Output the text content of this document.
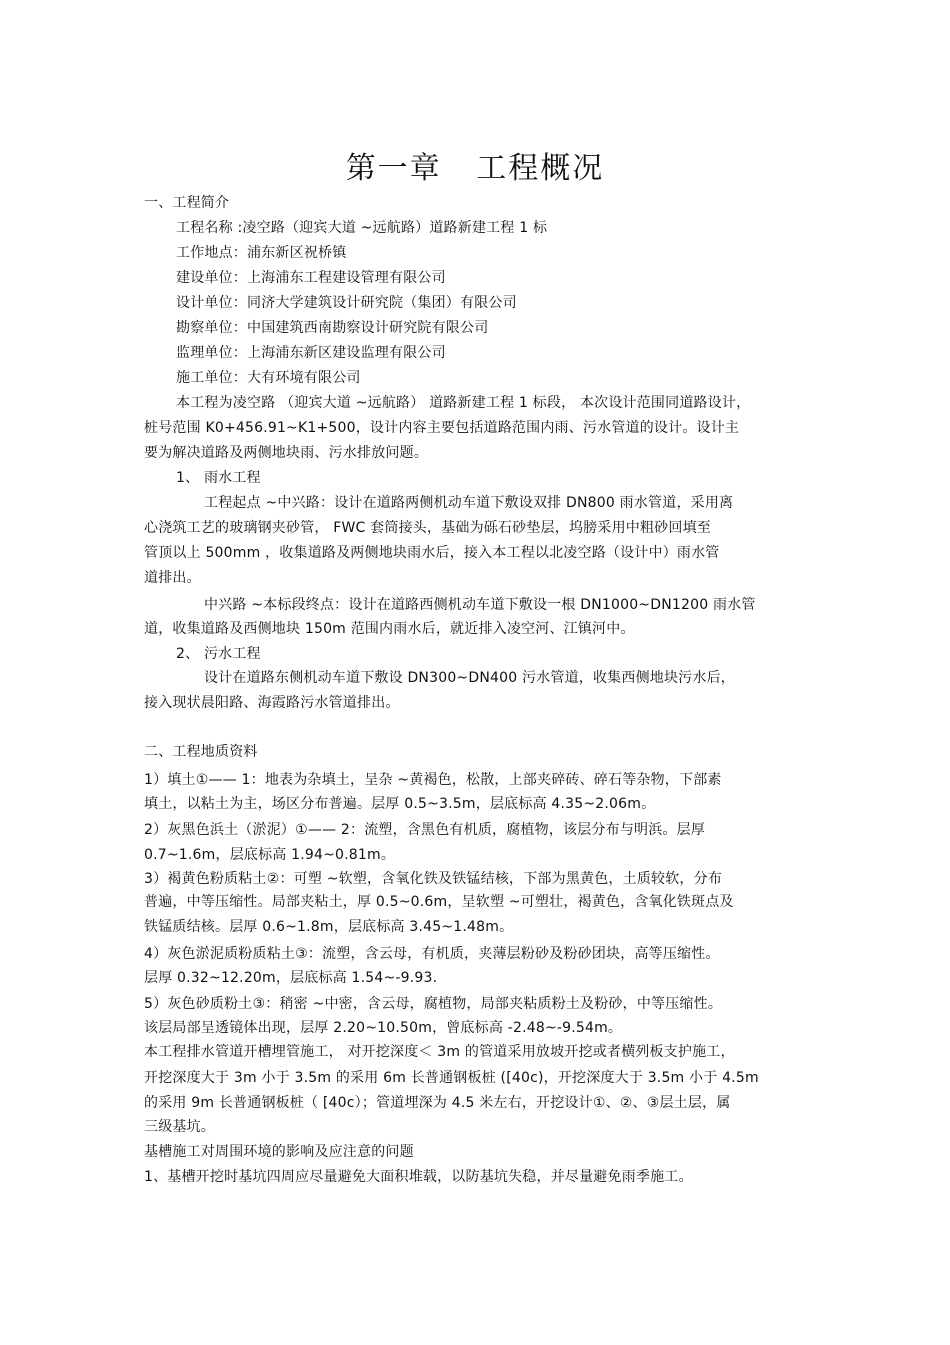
第一章   工程概况
一、工程简介
工程名称 :凌空路（迎宾大道 ~远航路）道路新建工程 1 标
工作地点：浦东新区祝桥镇
建设单位：上海浦东工程建设管理有限公司
设计单位：同济大学建筑设计研究院（集团）有限公司
勘察单位：中国建筑西南勘察设计研究院有限公司
监理单位：上海浦东新区建设监理有限公司
施工单位：大有环境有限公司
本工程为凌空路 （迎宾大道 ~远航路） 道路新建工程 1 标段， 本次设计范围同道路设计，
桩号范围 K0+456.91~K1+500，设计内容主要包括道路范围内雨、污水管道的设计。设计主
要为解决道路及两侧地块雨、污水排放问题。
1、 雨水工程
工程起点 ~中兴路：设计在道路两侧机动车道下敷设双排 DN800 雨水管道，采用离
心浇筑工艺的玻璃钢夹砂管， FWC 套筒接头，基础为砾石砂垫层，坞膀采用中粗砂回填至
管顶以上 500mm ，收集道路及两侧地块雨水后，接入本工程以北凌空路（设计中）雨水管
道排出。
中兴路 ~本标段终点：设计在道路西侧机动车道下敷设一根 DN1000~DN1200 雨水管
道，收集道路及西侧地块 150m 范围内雨水后，就近排入凌空河、江镇河中。
2、 污水工程
设计在道路东侧机动车道下敷设 DN300~DN400 污水管道，收集西侧地块污水后，
接入现状晨阳路、海霞路污水管道排出。
二、工程地质资料
1）填土①—— 1：地表为杂填土，呈杂 ~黄褐色，松散，上部夹碎砖、碎石等杂物，下部素
填土，以粘土为主，场区分布普遍。层厚 0.5~3.5m，层底标高 4.35~2.06m。
2）灰黑色浜土（淤泥）①—— 2：流塑，含黑色有机质，腐植物，该层分布与明浜。层厚
0.7~1.6m，层底标高 1.94~0.81m。
3）褐黄色粉质粘土②：可塑 ~软塑，含氧化铁及铁锰结核，下部为黑黄色，土质较软，分布
普遍，中等压缩性。局部夹粘土，厚 0.5~0.6m，呈软塑 ~可塑壮，褐黄色，含氧化铁斑点及
铁锰质结核。层厚 0.6~1.8m，层底标高 3.45~1.48m。
4）灰色淤泥质粉质粘土③：流塑，含云母，有机质，夹薄层粉砂及粉砂团块，高等压缩性。
层厚 0.32~12.20m，层底标高 1.54~-9.93.
5）灰色砂质粉土③：稍密 ~中密，含云母，腐植物，局部夹粘质粉土及粉砂，中等压缩性。
该层局部呈透镜体出现，层厚 2.20~10.50m，曾底标高 -2.48~-9.54m。
本工程排水管道开槽埋管施工， 对开挖深度＜ 3m 的管道采用放坡开挖或者横列板支护施工，
开挖深度大于 3m 小于 3.5m 的采用 6m 长普通钢板桩 ([40c)，开挖深度大于 3.5m 小于 4.5m
的采用 9m 长普通钢板桩（ [40c）；管道埋深为 4.5 米左右，开挖设计①、②、③层土层，属
三级基坑。
基槽施工对周围环境的影响及应注意的问题
1、基槽开挖时基坑四周应尽量避免大面积堆载，以防基坑失稳，并尽量避免雨季施工。
